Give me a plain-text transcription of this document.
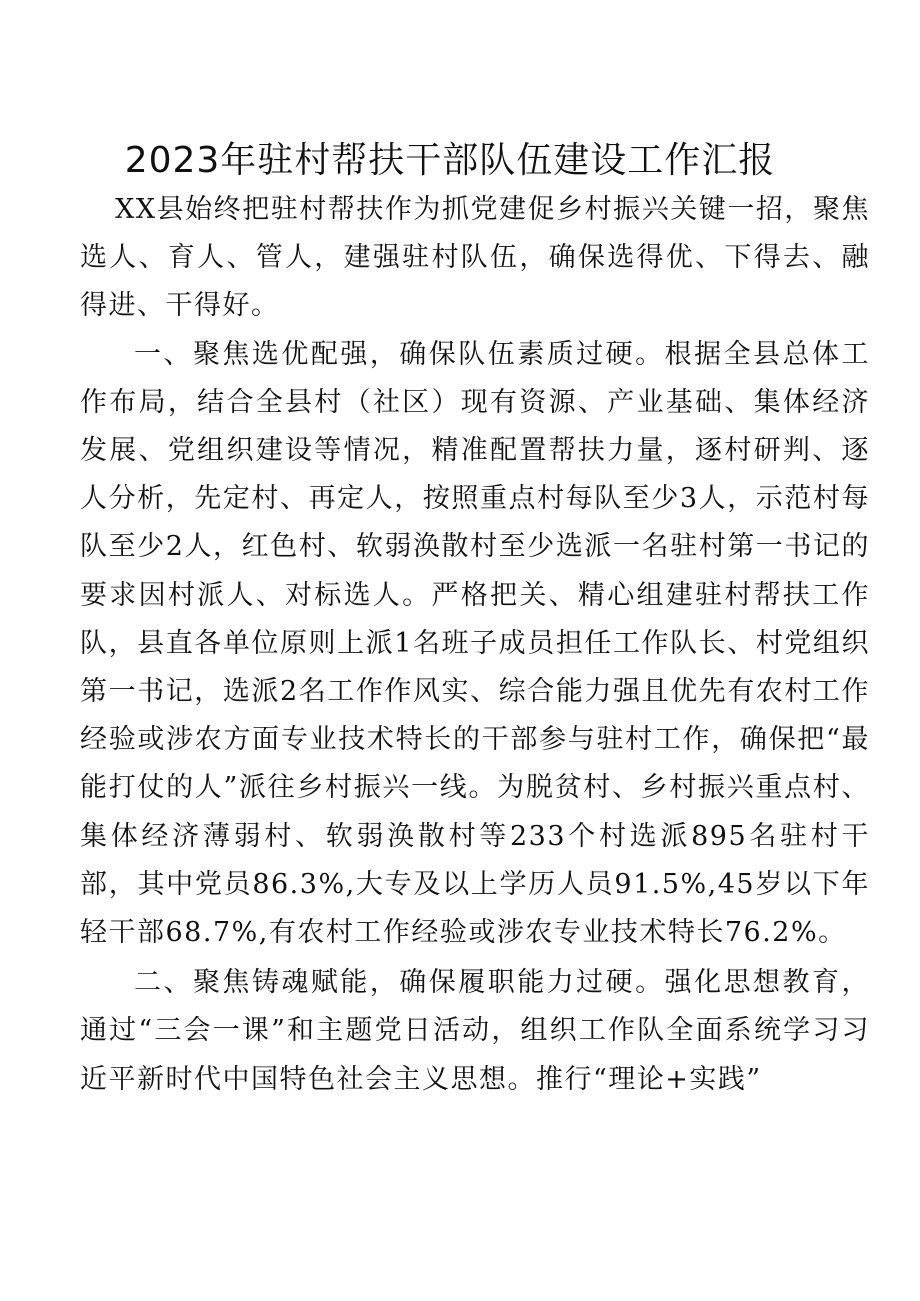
2023年驻村帮扶干部队伍建设工作汇报

XX县始终把驻村帮扶作为抓党建促乡村振兴关键一招，聚焦选人、育人、管人，建强驻村队伍，确保选得优、下得去、融得进、干得好。

一、聚焦选优配强，确保队伍素质过硬。根据全县总体工作布局，结合全县村（社区）现有资源、产业基础、集体经济发展、党组织建设等情况，精准配置帮扶力量，逐村研判、逐人分析，先定村、再定人，按照重点村每队至少3人，示范村每队至少2人，红色村、软弱涣散村至少选派一名驻村第一书记的要求因村派人、对标选人。严格把关、精心组建驻村帮扶工作队，县直各单位原则上派1名班子成员担任工作队长、村党组织第一书记，选派2名工作作风实、综合能力强且优先有农村工作经验或涉农方面专业技术特长的干部参与驻村工作，确保把“最能打仗的人”派往乡村振兴一线。为脱贫村、乡村振兴重点村、集体经济薄弱村、软弱涣散村等233个村选派895名驻村干部，其中党员86.3%,大专及以上学历人员91.5%,45岁以下年轻干部68.7%,有农村工作经验或涉农专业技术特长76.2%。

二、聚焦铸魂赋能，确保履职能力过硬。强化思想教育，通过“三会一课”和主题党日活动，组织工作队全面系统学习习近平新时代中国特色社会主义思想。推行“理论+实践”
